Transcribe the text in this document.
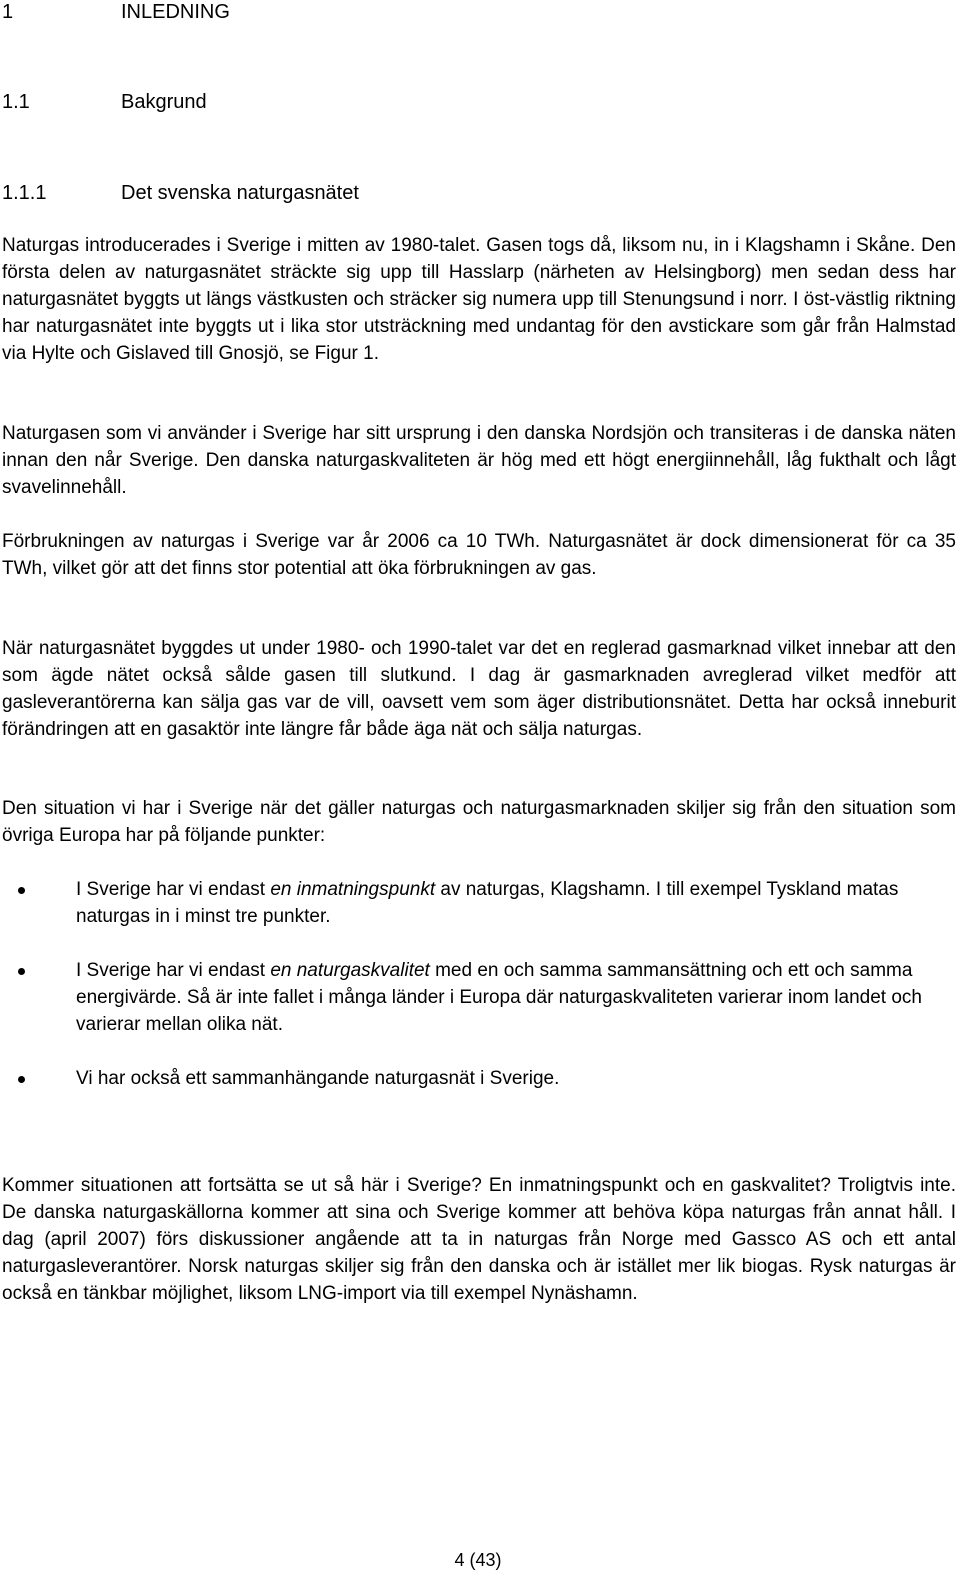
1	INLEDNING
1.1	Bakgrund
1.1.1	Det svenska naturgasnätet

Naturgas introducerades i Sverige i mitten av 1980-talet. Gasen togs då, liksom nu, in i Klagshamn i Skåne. Den första delen av naturgasnätet sträckte sig upp till Hasslarp (närheten av Helsingborg) men sedan dess har naturgasnätet byggts ut längs västkusten och sträcker sig numera upp till Stenungsund i norr. I öst-västlig riktning har naturgasnätet inte byggts ut i lika stor utsträckning med undantag för den avstickare som går från Halmstad via Hylte och Gislaved till Gnosjö, se Figur 1.

Naturgasen som vi använder i Sverige har sitt ursprung i den danska Nordsjön och transiteras i de danska näten innan den når Sverige. Den danska naturgaskvaliteten är hög med ett högt energiinnehåll, låg fukthalt och lågt svavelinnehåll.

Förbrukningen av naturgas i Sverige var år 2006 ca 10 TWh. Naturgasnätet är dock dimensionerat för ca 35 TWh, vilket gör att det finns stor potential att öka förbrukningen av gas.

När naturgasnätet byggdes ut under 1980- och 1990-talet var det en reglerad gasmarknad vilket innebar att den som ägde nätet också sålde gasen till slutkund. I dag är gasmarknaden avreglerad vilket medför att gasleverantörerna kan sälja gas var de vill, oavsett vem som äger distributionsnätet. Detta har också inneburit förändringen att en gasaktör inte längre får både äga nät och sälja naturgas.

Den situation vi har i Sverige när det gäller naturgas och naturgasmarknaden skiljer sig från den situation som övriga Europa har på följande punkter:

I Sverige har vi endast en inmatningspunkt av naturgas, Klagshamn. I till exempel Tyskland matas naturgas in i minst tre punkter.
I Sverige har vi endast en naturgaskvalitet med en och samma sammansättning och ett och samma energivärde. Så är inte fallet i många länder i Europa där naturgaskvaliteten varierar inom landet och varierar mellan olika nät.
Vi har också ett sammanhängande naturgasnät i Sverige.

Kommer situationen att fortsätta se ut så här i Sverige? En inmatningspunkt och en gaskvalitet? Troligtvis inte. De danska naturgaskällorna kommer att sina och Sverige kommer att behöva köpa naturgas från annat håll. I dag (april 2007) förs diskussioner angående att ta in naturgas från Norge med Gassco AS och ett antal naturgasleverantörer. Norsk naturgas skiljer sig från den danska och är istället mer lik biogas. Rysk naturgas är också en tänkbar möjlighet, liksom LNG-import via till exempel Nynäshamn.

4 (43)
